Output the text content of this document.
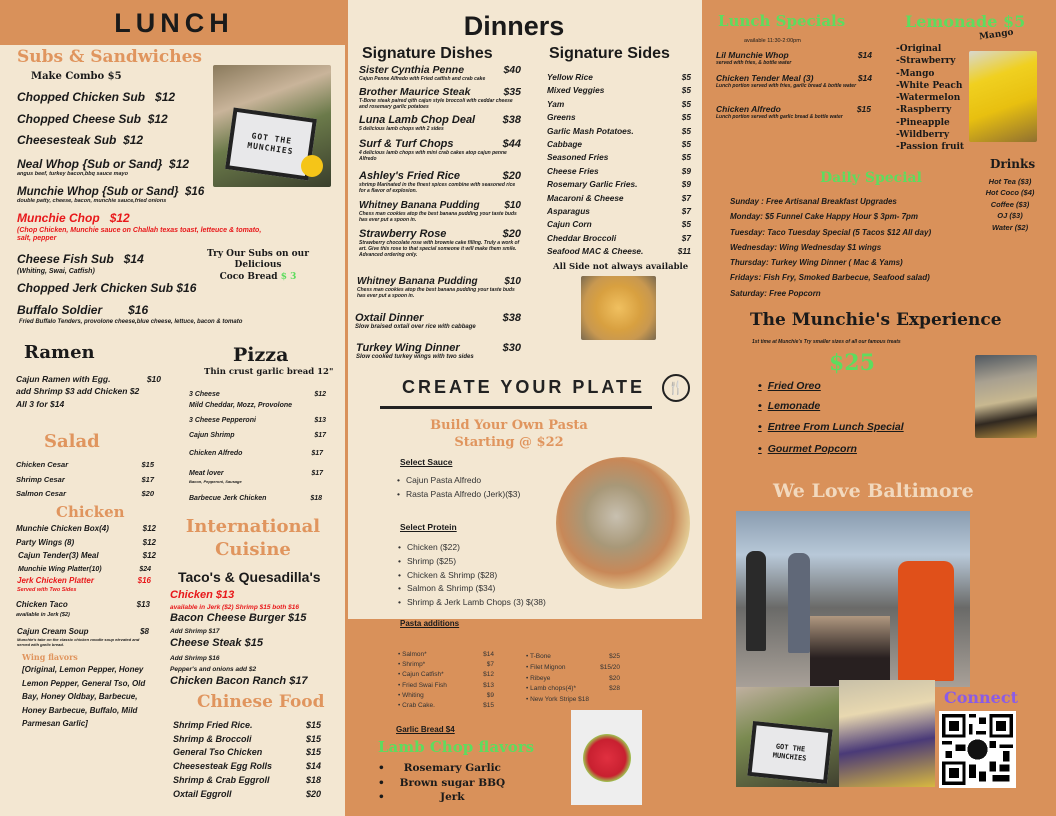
LUNCH
Subs & Sandwiches
Make Combo $5
Chopped Chicken Sub $12
Chopped Cheese Sub $12
Cheesesteak Sub $12
Neal Whop {Sub or Sand} $12
angus beef, turkey bacon,bbq sauce mayo
Munchie Whop {Sub or Sand} $16
double patty, cheese, bacon, munchie sauce,fried onions
Munchie Chop $12
(Chop Chicken, Munchie sauce on Challah texas toast, letteuce & tomato, salt, pepper
Cheese Fish Sub $14
(Whiting, Swai, Catfish)
Chopped Jerk Chicken Sub $16
Buffalo Soldier $16
Fried Buffalo Tenders, provolone cheese,blue cheese, lettuce, bacon & tomato
Try Our Subs on our Delicious
Coco Bread $ 3
GOT THE MUNCHIES
Ramen
Cajun Ramen with Egg.	$10
add Shrimp $3 add Chicken $2
All 3 for $14
Salad
Chicken Cesar	$15
Shrimp Cesar	$17
Salmon Cesar	$20
Chicken
Munchie Chicken Box(4)	$12
Party Wings (8)	$12
Cajun Tender(3) Meal	$12
Munchie Wing Platter(10)	$24
Jerk Chicken Platter	$16
Served with Two Sides
Chicken Taco	$13
available in Jerk ($2)
Cajun Cream Soup	$8
Munchie's take on the classic chicken noodle soup elevated and served with garlic bread.
Wing flavors
[Original, Lemon Pepper, Honey Lemon Pepper, General Tso, Old Bay, Honey Oldbay, Barbecue, Honey Barbecue, Buffalo, Mild Parmesan Garlic]
Pizza
Thin crust garlic bread 12"
3 Cheese	$12
Mild Cheddar, Mozz, Provolone
3 Cheese Pepperoni	$13
Cajun Shrimp	$17
Chicken Alfredo	$17
Meat lover	$17
Bacon, Pepperoni, Sausage
Barbecue Jerk Chicken	$18
International
Cuisine
Taco's & Quesadilla's
Chicken $13
available in Jerk ($2) Shrimp $15 both $16
Bacon Cheese Burger $15
Add Shrimp $17
Cheese Steak $15
Add Shrimp $16
Pepper's and onions add $2
Chicken Bacon Ranch $17
Chinese Food
Shrimp Fried Rice.	$15
Shrimp & Broccoli	$15
General Tso Chicken	$15
Cheesesteak Egg Rolls	$14
Shrimp & Crab Eggroll	$18
Oxtail Eggroll	$20
Dinners
Signature Dishes	Signature Sides
Sister Cynthia Penne	$40
Cajun Penne Alfredo with Fried catfish and crab cake
Brother Maurice Steak	$35
T-Bone steak paired qith cajun style broccoli with ceddar cheese and rosemary garlic potatoes
Luna Lamb Chop Deal	$38
5 delicious lamb chops with 2 sides
Surf & Turf Chops	$44
4 delicious lamb chops with mini crab cakes atop cajun penne Alfredo
Ashley's Fried Rice	$20
shrimp Marinated in the finest spices combine with seasoned rice for a flavor of explosion.
Whitney Banana Pudding $10
Chess man cookies atop the best banana pudding your taste buds has ever put a spoon in.
Strawberry Rose	$20
Strawberry chocolate rose with brownie cake filling. Truly a work of art. Give this rose to that special someone it will make them smile. Advanced ordering only.
Whitney Banana Pudding	$10
Chess man cookies atop the best banana pudding your taste buds has ever put a spoon in.
Oxtail Dinner	$38
Slow braised oxtail over rice with cabbage
Turkey Wing Dinner	$30
Slow cooked turkey wings with two sides
Yellow Rice	$5
Mixed Veggies	$5
Yam	$5
Greens	$5
Garlic Mash Potatoes.	$5
Cabbage	$5
Seasoned Fries	$5
Cheese Fries	$9
Rosemary Garlic Fries.	$9
Macaroni & Cheese	$7
Asparagus	$7
Cajun Corn	$5
Cheddar Broccoli	$7
Seafood MAC & Cheese.	$11
All Side not always available
CREATE YOUR PLATE	🍴
Build Your Own Pasta
Starting @ $22
Select Sauce
• Cajun Pasta Alfredo
• Rasta Pasta Alfredo (Jerk)($3)
Select Protein
• Chicken ($22)
• Shrimp ($25)
• Chicken & Shrimp ($28)
• Salmon & Shrimp ($34)
• Shrimp & Jerk Lamb Chops (3) $(38)
Pasta additions
• Salmon*	$14
• Shrimp*	$7
• Cajun Catfish*	$12
• Fried Swai Fish	$13
• Whiting	$9
• Crab Cake.	$15
• T-Bone	$25
• Filet Mignon	$15/20
• Ribeye	$20
• Lamb chops(4)*	$28
• New York Stripe $18
Garlic Bread $4
Lamb Chop flavors
•	Rosemary Garlic
•	Brown sugar BBQ
•	Jerk
Lunch Specials
available 11:30-2:00pm
Lil Munchie Whop	$14
served with fries, & bottle water
Chicken Tender Meal (3)	$14
Lunch portion served with fries, garlic bread & bottle water
Chicken Alfredo	$15
Lunch portion served with garlic bread & bottle water
Lemonade $5
Mango
-Original
-Strawberry
-Mango
-White Peach
-Watermelon
-Raspberry
-Pineapple
-Wildberry
-Passion fruit
Drinks
Hot Tea ($3)
Hot Coco ($4)
Coffee ($3)
OJ ($3)
Water ($2)
Daily Special
Sunday : Free Artisanal Breakfast Upgrades
Monday: $5 Funnel Cake Happy Hour $ 3pm- 7pm
Tuesday: Taco Tuesday Special (5 Tacos $12 All day)
Wednesday: Wing Wednesday $1 wings
Thursday: Turkey Wing Dinner ( Mac & Yams)
Fridays: Fish Fry, Smoked Barbecue, Seafood salad)
Saturday: Free Popcorn
The Munchie's Experience
1st time at Munchie's Try smaller sizes of all our famous treats
$25
• Fried Oreo
• Lemonade
• Entree From Lunch Special
• Gourmet Popcorn
We Love Baltimore
GOT THE MUNCHIES
Connect
